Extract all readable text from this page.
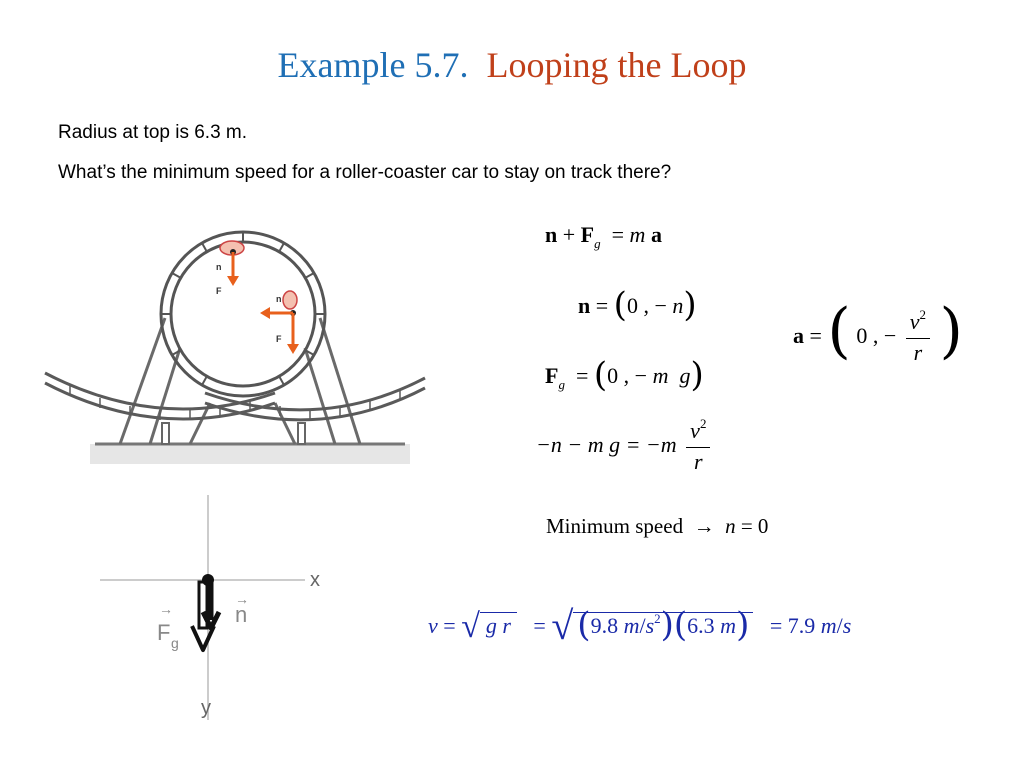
Example 5.7. Looping the Loop
Radius at top is 6.3 m.
What’s the minimum speed for a roller-coaster car to stay on track there?
n
F
n
F
x
y
F g
→	n
→
$n + F_g = m$ a
n = (0 , − n)
a = ( 0 , − $\frac{v^2}{r}$ )
$F_g = (0$ , − m g)
−n − m $g = -m \frac{v^2}{r}$
Minimum speed → n = 0
v = √ g r = √ (9.8 $m/s^2)(6.3$ m) = 7.9 m/s
